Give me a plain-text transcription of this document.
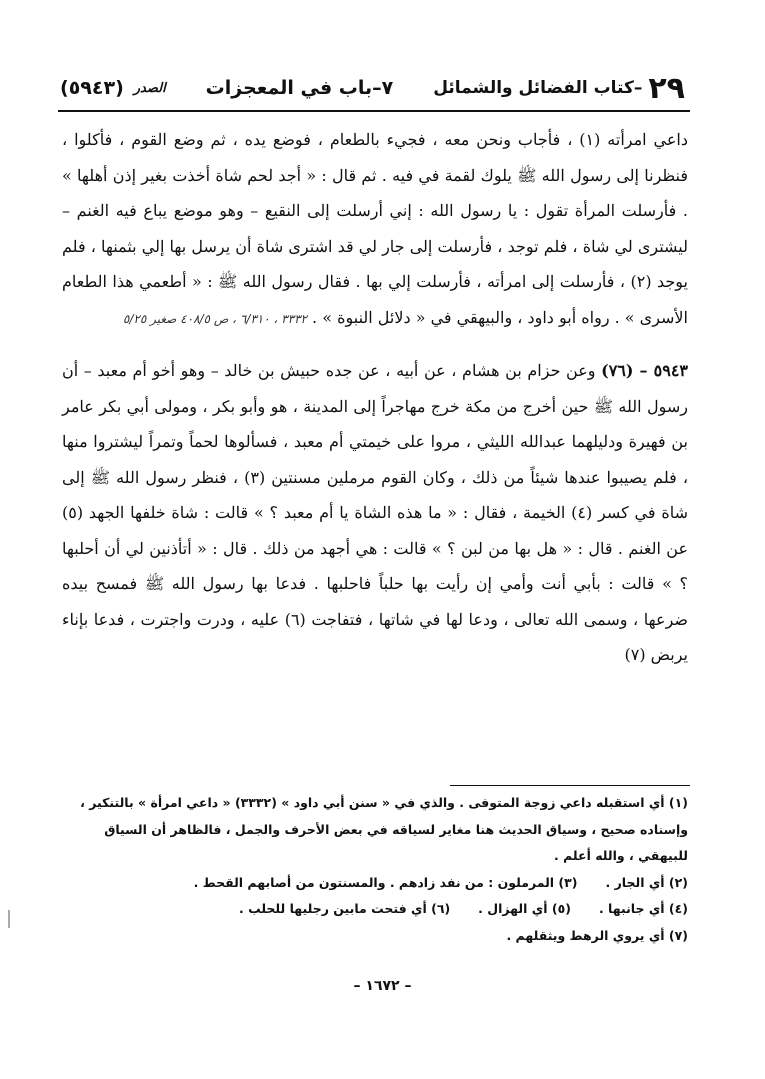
٢٩
–كتاب الفضائل والشمائل
٧–باب في المعجزات
الصدر
(٥٩٤٣)

داعي امرأته (١) ، فأجاب ونحن معه ، فجيء بالطعام ، فوضع يده ، ثم وضع القوم ، فأكلوا ، فنظرنا إلى رسول الله ﷺ يلوك لقمة في فيه . ثم قال : « أجد لحم شاة أخذت بغير إذن أهلها » . فأرسلت المرأة تقول : يا رسول الله : إني أرسلت إلى النقيع – وهو موضع يباع فيه الغنم – ليشترى لي شاة ، فلم توجد ، فأرسلت إلى جار لي قد اشترى شاة أن يرسل بها إلي بثمنها ، فلم يوجد (٢) ، فأرسلت إلى امرأته ، فأرسلت إلي بها . فقال رسول الله ﷺ : « أطعمي هذا الطعام الأسرى » . رواه أبو داود ، والبيهقي في « دلائل النبوة » . ٣٣٣٢ ، ٦/٣١٠ ، ص ٤٠٨/٥ صغير ٥/٢٥

٥٩٤٣ – (٧٦) وعن حزام بن هشام ، عن أبيه ، عن جده حبيش بن خالد – وهو أخو أم معبد – أن رسول الله ﷺ حين أخرج من مكة خرج مهاجراً إلى المدينة ، هو وأبو بكر ، ومولى أبي بكر عامر بن فهيرة ودليلهما عبدالله الليثي ، مروا على خيمتي أم معبد ، فسألوها لحماً وتمراً ليشتروا منها ، فلم يصيبوا عندها شيئاً من ذلك ، وكان القوم مرملين مسنتين (٣) ، فنظر رسول الله ﷺ إلى شاة في كسر (٤) الخيمة ، فقال : « ما هذه الشاة يا أم معبد ؟ » قالت : شاة خلفها الجهد (٥) عن الغنم . قال : « هل بها من لبن ؟ » قالت : هي أجهد من ذلك . قال : « أتأذنين لي أن أحلبها ؟ » قالت : بأبي أنت وأمي إن رأيت بها حلباً فاحلبها . فدعا بها رسول الله ﷺ فمسح بيده ضرعها ، وسمى الله تعالى ، ودعا لها في شاتها ، فتفاجت (٦) عليه ، ودرت واجترت ، فدعا بإناء يربض (٧)

(١) أي استقبله داعي زوجة المتوفى . والذي في « سنن أبي داود » (٣٣٣٢) « داعي امرأة » بالتنكير ، وإسناده صحيح ، وسياق الحديث هنا مغاير لسياقه في بعض الأحرف والجمل ، فالظاهر أن السياق للبيهقي ، والله أعلم .

(٢) أي الجار .
(٣) المرملون : من نفد زادهم . والمسنتون من أصابهم القحط .
(٤) أي جانبها .
(٥) أي الهزال .
(٦) أي فتحت مابين رجليها للحلب .

(٧) أي يروي الرهط ويثقلهم .

– ١٦٧٢ –
